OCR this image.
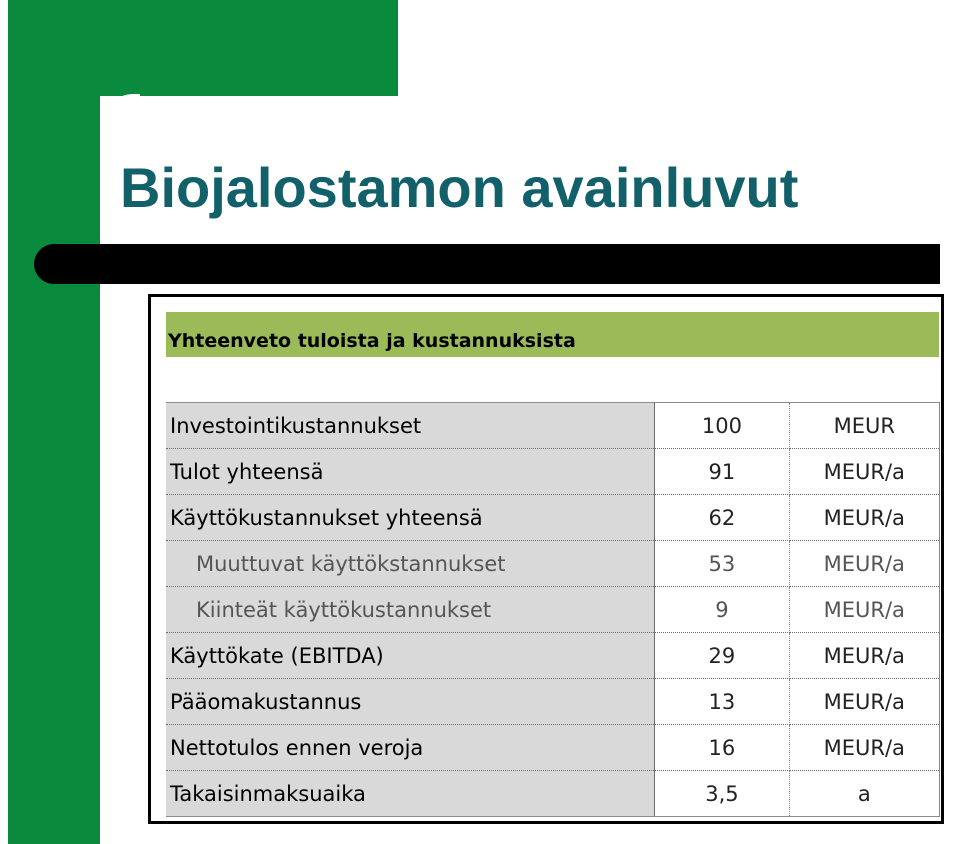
Biojalostamon avainluvut
Yhteenveto tuloista ja kustannuksista
Investointikustannukset	100	MEUR
Tulot yhteensä	91	MEUR/a
Käyttökustannukset yhteensä	62	MEUR/a
Muuttuvat käyttökstannukset	53	MEUR/a
Kiinteät käyttökustannukset	9	MEUR/a
Käyttökate (EBITDA)	29	MEUR/a
Pääomakustannus	13	MEUR/a
Nettotulos ennen veroja	16	MEUR/a
Takaisinmaksuaika	3,5	a
